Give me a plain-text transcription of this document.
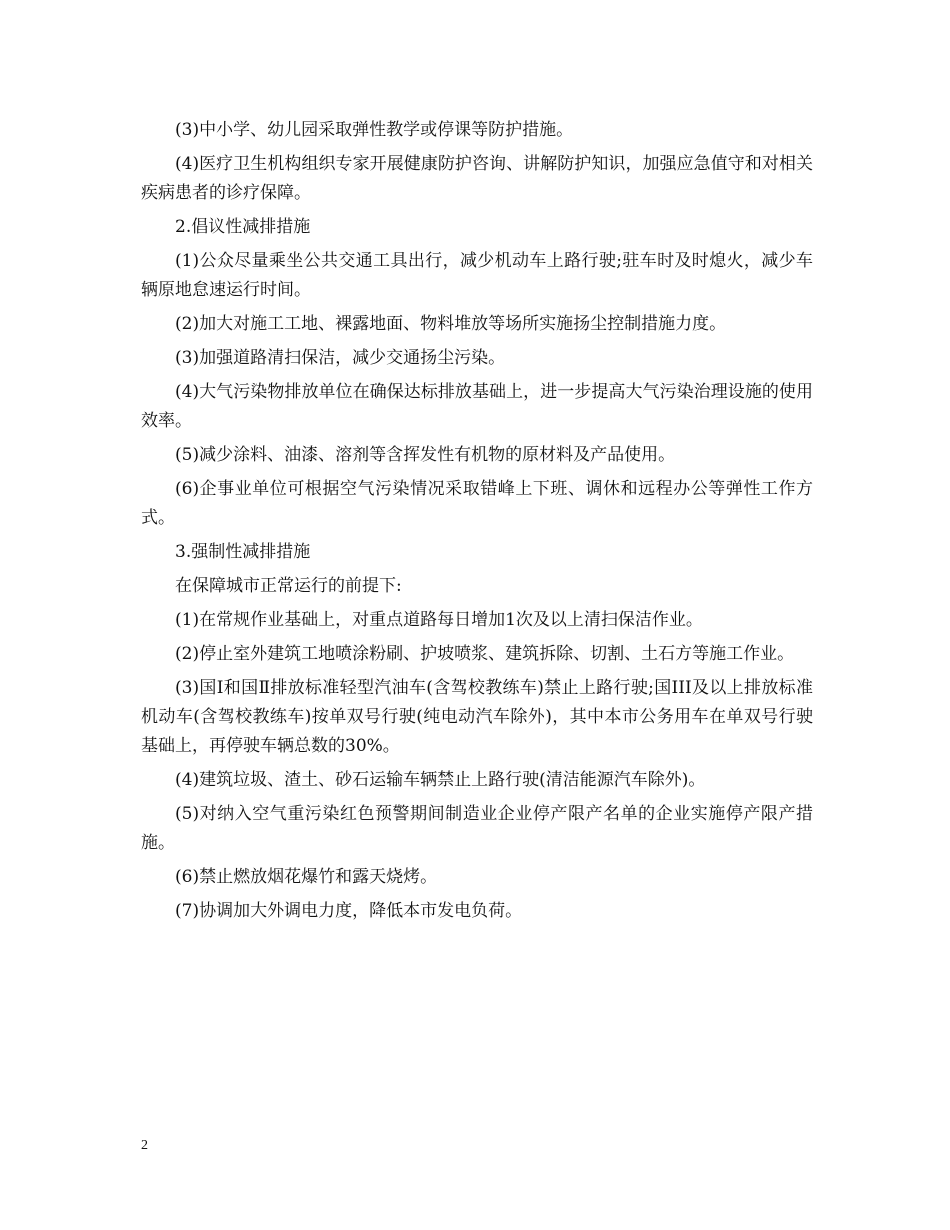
(3)中小学、幼儿园采取弹性教学或停课等防护措施。

(4)医疗卫生机构组织专家开展健康防护咨询、讲解防护知识，加强应急值守和对相关疾病患者的诊疗保障。

2.倡议性减排措施

(1)公众尽量乘坐公共交通工具出行，减少机动车上路行驶;驻车时及时熄火，减少车辆原地怠速运行时间。

(2)加大对施工工地、裸露地面、物料堆放等场所实施扬尘控制措施力度。

(3)加强道路清扫保洁，减少交通扬尘污染。

(4)大气污染物排放单位在确保达标排放基础上，进一步提高大气污染治理设施的使用效率。

(5)减少涂料、油漆、溶剂等含挥发性有机物的原材料及产品使用。

(6)企事业单位可根据空气污染情况采取错峰上下班、调休和远程办公等弹性工作方式。

3.强制性减排措施

在保障城市正常运行的前提下:

(1)在常规作业基础上，对重点道路每日增加1次及以上清扫保洁作业。

(2)停止室外建筑工地喷涂粉刷、护坡喷浆、建筑拆除、切割、土石方等施工作业。

(3)国Ⅰ和国Ⅱ排放标准轻型汽油车(含驾校教练车)禁止上路行驶;国III及以上排放标准机动车(含驾校教练车)按单双号行驶(纯电动汽车除外)，其中本市公务用车在单双号行驶基础上，再停驶车辆总数的30%。

(4)建筑垃圾、渣土、砂石运输车辆禁止上路行驶(清洁能源汽车除外)。

(5)对纳入空气重污染红色预警期间制造业企业停产限产名单的企业实施停产限产措施。

(6)禁止燃放烟花爆竹和露天烧烤。

(7)协调加大外调电力度，降低本市发电负荷。

2
